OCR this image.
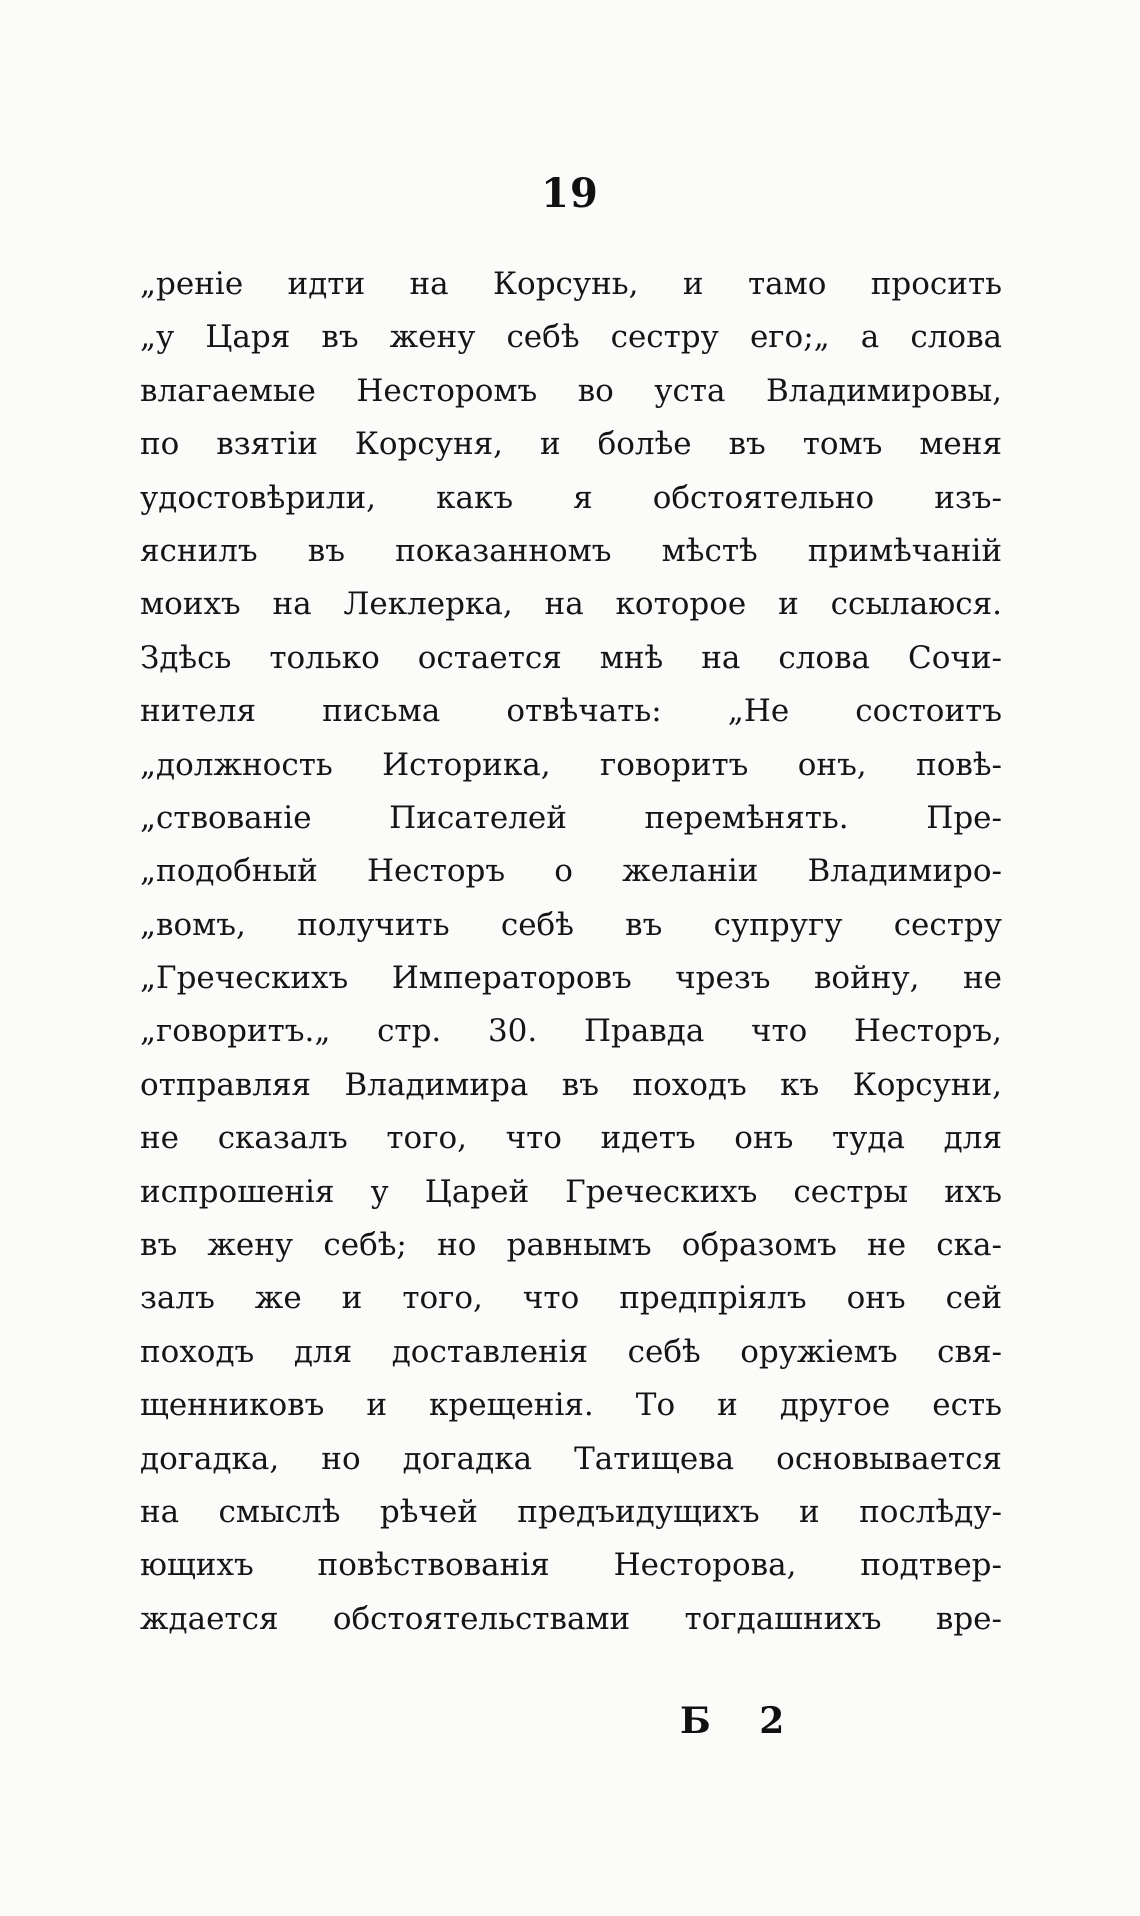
19
„реніе идти на Корсунь, и тамо просить
„у Царя въ жену себѣ сестру его;„ а слова
влагаемые Несторомъ во уста Владимировы,
по взятіи Корсуня, и болѣе въ томъ меня
удостовѣрили, какъ я обстоятельно изъ-
яснилъ въ показанномъ мѣстѣ примѣчаній
моихъ на Леклерка, на которое и ссылаюся.
Здѣсь только остается мнѣ на слова Сочи-
нителя письма отвѣчать: „Не состоитъ
„должность Историка, говоритъ онъ, повѣ-
„ствованіе Писателей перемѣнять. Пре-
„подобный Несторъ о желаніи Владимиро-
„вомъ, получить себѣ въ супругу сестру
„Греческихъ Императоровъ чрезъ войну, не
„говоритъ.„ стр. 30. Правда что Несторъ,
отправляя Владимира въ походъ къ Корсуни,
не сказалъ того, что идетъ онъ туда для
испрошенія у Царей Греческихъ сестры ихъ
въ жену себѣ; но равнымъ образомъ не ска-
залъ же и того, что предпріялъ онъ сей
походъ для доставленія себѣ оружіемъ свя-
щенниковъ и крещенія. То и другое есть
догадка, но догадка Татищева основывается
на смыслѣ рѣчей предъидущихъ и послѣду-
ющихъ повѣствованія Несторова, подтвер-
ждается обстоятельствами тогдашнихъ вре-
Б 2
